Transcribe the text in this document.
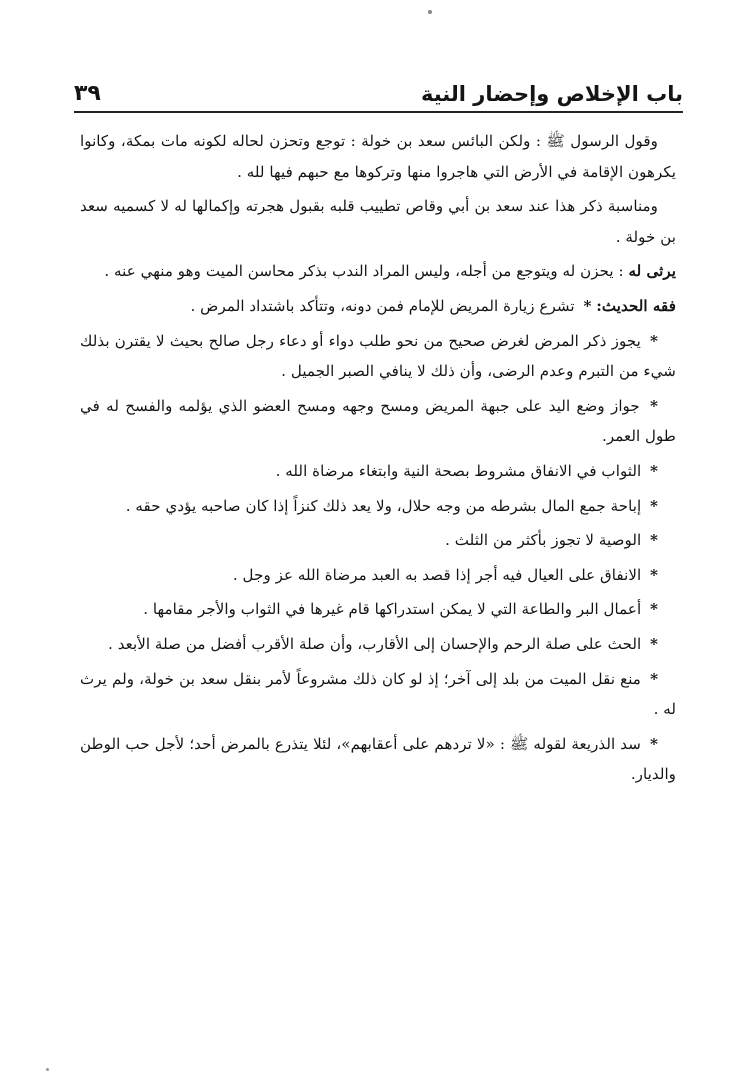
باب الإخلاص وإحضار النية
٣٩

وقول الرسول ﷺ : ولكن البائس سعد بن خولة : توجع وتحزن لحاله لكونه مات بمكة، وكانوا يكرهون الإقامة في الأرض التي هاجروا منها وتركوها مع حبهم فيها لله .

ومناسبة ذكر هذا عند سعد بن أبي وقاص تطييب قلبه بقبول هجرته وإكمالها له لا كسميه سعد بن خولة .

يرثى له : يحزن له ويتوجع من أجله، وليس المراد الندب بذكر محاسن الميت وهو منهي عنه .

فقه الحديث: * تشرع زيارة المريض للإمام فمن دونه، وتتأكد باشتداد المرض .

* يجوز ذكر المرض لغرض صحيح من نحو طلب دواء أو دعاء رجل صالح بحيث لا يقترن بذلك شيء من التبرم وعدم الرضى، وأن ذلك لا ينافي الصبر الجميل .

* جواز وضع اليد على جبهة المريض ومسح وجهه ومسح العضو الذي يؤلمه والفسح له في طول العمر.

* الثواب في الانفاق مشروط بصحة النية وابتغاء مرضاة الله .

* إباحة جمع المال بشرطه من وجه حلال، ولا يعد ذلك كنزاً إذا كان صاحبه يؤدي حقه .

* الوصية لا تجوز بأكثر من الثلث .

* الانفاق على العيال فيه أجر إذا قصد به العبد مرضاة الله عز وجل .

* أعمال البر والطاعة التي لا يمكن استدراكها قام غيرها في الثواب والأجر مقامها .

* الحث على صلة الرحم والإحسان إلى الأقارب، وأن صلة الأقرب أفضل من صلة الأبعد .

* منع نقل الميت من بلد إلى آخر؛ إذ لو كان ذلك مشروعاً لأمر بنقل سعد بن خولة، ولم يرث له .

* سد الذريعة لقوله ﷺ : «لا تردهم على أعقابهم»، لئلا يتذرع بالمرض أحد؛ لأجل حب الوطن والديار.
